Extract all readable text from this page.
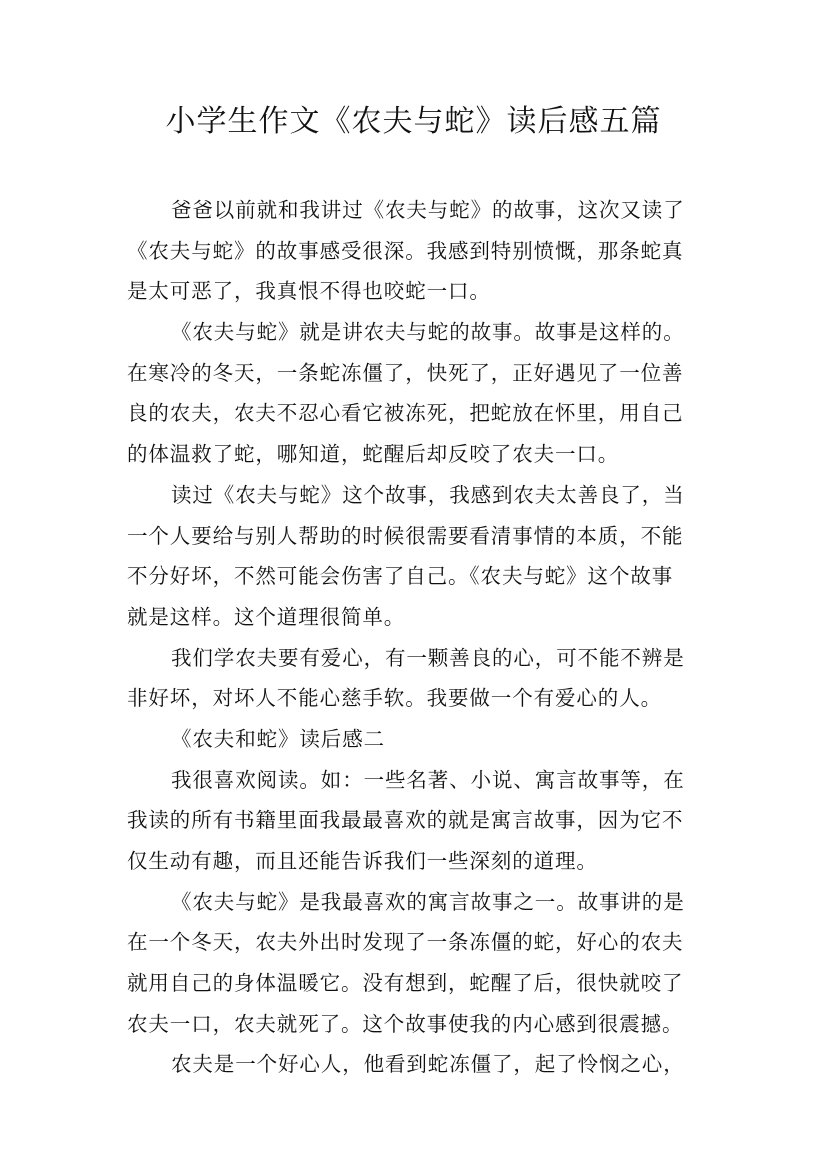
小学生作文《农夫与蛇》读后感五篇
爸爸以前就和我讲过《农夫与蛇》的故事，这次又读了
《农夫与蛇》的故事感受很深。我感到特别愤慨，那条蛇真
是太可恶了，我真恨不得也咬蛇一口。
《农夫与蛇》就是讲农夫与蛇的故事。故事是这样的。
在寒冷的冬天，一条蛇冻僵了，快死了，正好遇见了一位善
良的农夫，农夫不忍心看它被冻死，把蛇放在怀里，用自己
的体温救了蛇，哪知道，蛇醒后却反咬了农夫一口。
读过《农夫与蛇》这个故事，我感到农夫太善良了，当
一个人要给与别人帮助的时候很需要看清事情的本质，不能
不分好坏，不然可能会伤害了自己。《农夫与蛇》这个故事
就是这样。这个道理很简单。
我们学农夫要有爱心，有一颗善良的心，可不能不辨是
非好坏，对坏人不能心慈手软。我要做一个有爱心的人。
《农夫和蛇》读后感二
我很喜欢阅读。如：一些名著、小说、寓言故事等，在
我读的所有书籍里面我最最喜欢的就是寓言故事，因为它不
仅生动有趣，而且还能告诉我们一些深刻的道理。
《农夫与蛇》是我最喜欢的寓言故事之一。故事讲的是
在一个冬天，农夫外出时发现了一条冻僵的蛇，好心的农夫
就用自己的身体温暖它。没有想到，蛇醒了后，很快就咬了
农夫一口，农夫就死了。这个故事使我的内心感到很震撼。
农夫是一个好心人，他看到蛇冻僵了，起了怜悯之心，
